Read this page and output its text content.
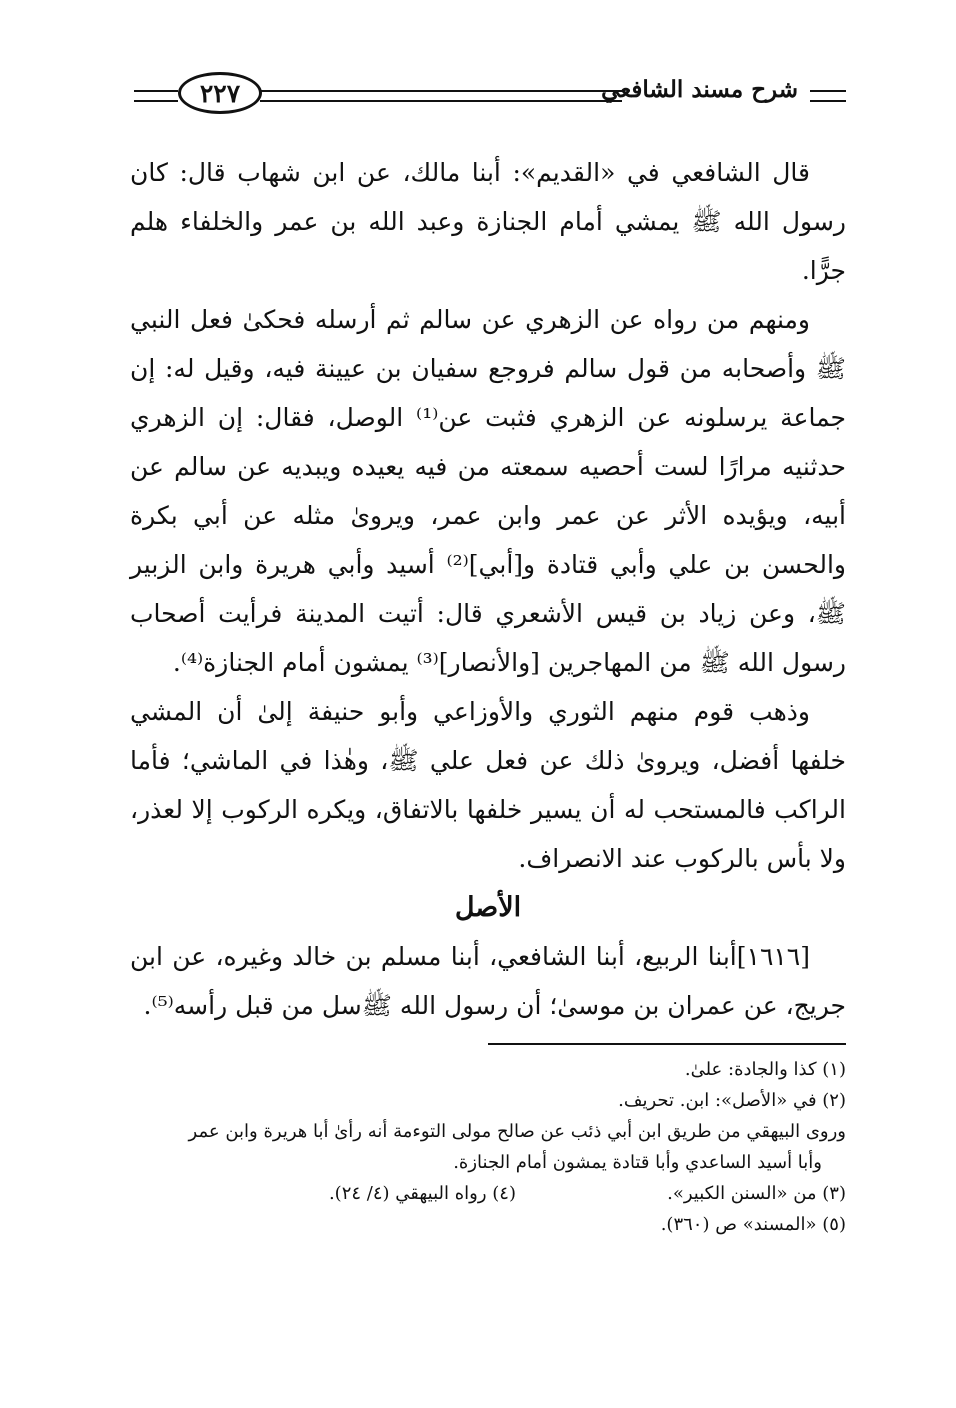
شرح مسند الشافعي
٢٢٧

قال الشافعي في «القديم»: أبنا مالك، عن ابن شهاب قال: كان رسول الله ﷺ يمشي أمام الجنازة وعبد الله بن عمر والخلفاء هلم جرًّا.

ومنهم من رواه عن الزهري عن سالم ثم أرسله فحكىٰ فعل النبي ﷺ وأصحابه من قول سالم فروجع سفيان بن عيينة فيه، وقيل له: إن جماعة يرسلونه عن الزهري فثبت عن⁽¹⁾ الوصل، فقال: إن الزهري حدثنيه مرارًا لست أحصيه سمعته من فيه يعيده ويبديه عن سالم عن أبيه، ويؤيده الأثر عن عمر وابن عمر، ويروىٰ مثله عن أبي بكرة والحسن بن علي وأبي قتادة و[أبي]⁽²⁾ أسيد وأبي هريرة وابن الزبير ﷺ، وعن زياد بن قيس الأشعري قال: أتيت المدينة فرأيت أصحاب رسول الله ﷺ من المهاجرين [والأنصار]⁽³⁾ يمشون أمام الجنازة⁽⁴⁾.

وذهب قوم منهم الثوري والأوزاعي وأبو حنيفة إلىٰ أن المشي خلفها أفضل، ويروىٰ ذلك عن فعل علي ﷺ، وهٰذا في الماشي؛ فأما الراكب فالمستحب له أن يسير خلفها بالاتفاق، ويكره الركوب إلا لعذر، ولا بأس بالركوب عند الانصراف.

الأصل

[١٦١٦]أبنا الربيع، أبنا الشافعي، أبنا مسلم بن خالد وغيره، عن ابن جريج، عن عمران بن موسىٰ؛ أن رسول الله ﷺسل من قبل رأسه⁽⁵⁾.

(١) كذا والجادة: علىٰ.
(٢) في «الأصل»: ابن. تحريف.
وروى البيهقي من طريق ابن أبي ذئب عن صالح مولى التوءمة أنه رأىٰ أبا هريرة وابن عمر
وأبا أسيد الساعدي وأبا قتادة يمشون أمام الجنازة.
(٣) من «السنن الكبير».
(٤) رواه البيهقي (٤/ ٢٤).
(٥) «المسند» ص (٣٦٠).
